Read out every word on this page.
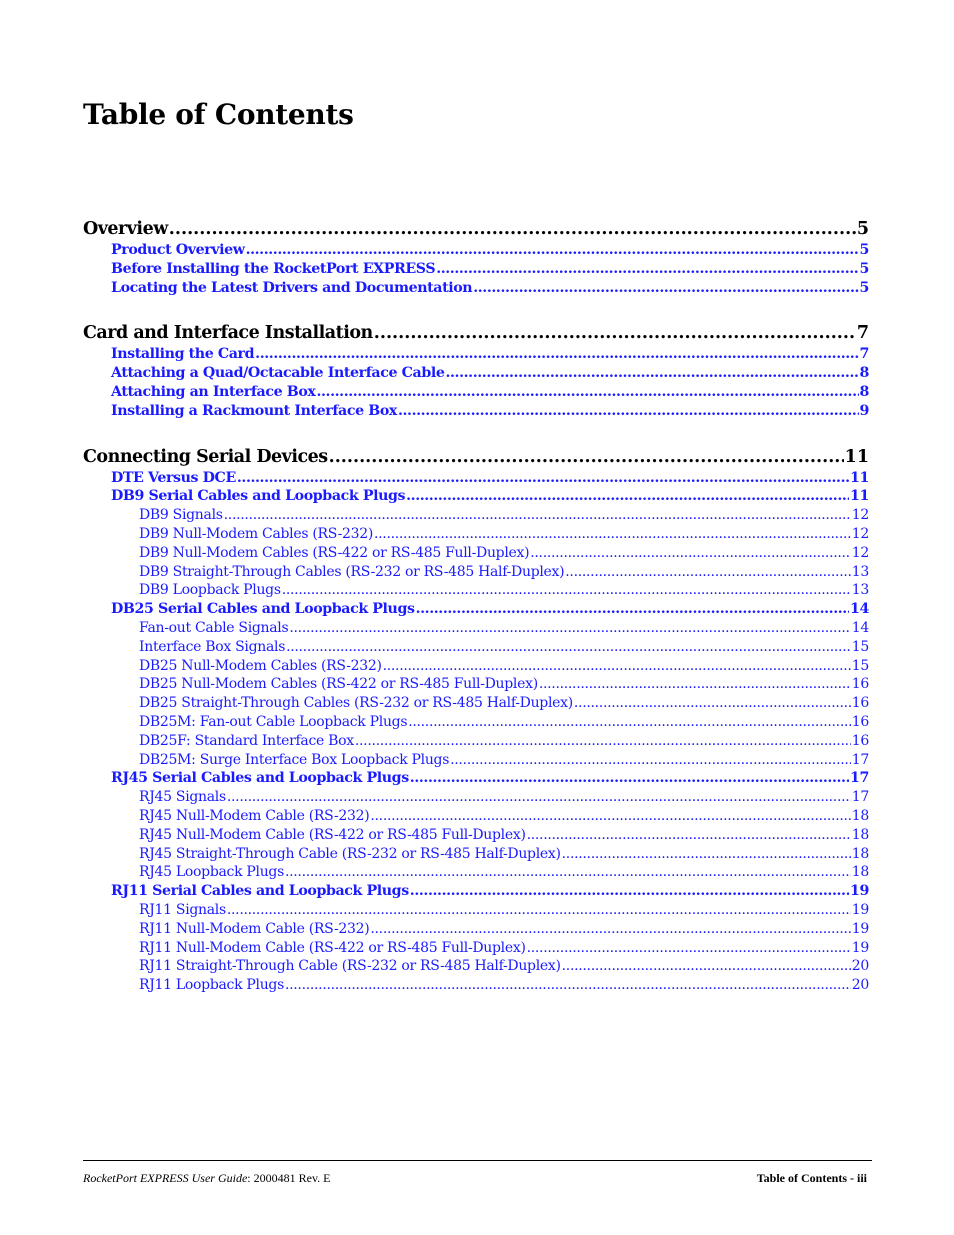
Table of Contents
Overview .....	5
Product Overview .....	5
Before Installing the RocketPort EXPRESS .....	5
Locating the Latest Drivers and Documentation .....	5
Card and Interface Installation .....	7
Installing the Card .....	7
Attaching a Quad/Octacable Interface Cable .....	8
Attaching an Interface Box .....	8
Installing a Rackmount Interface Box .....	9
Connecting Serial Devices .....	11
DTE Versus DCE .....	11
DB9 Serial Cables and Loopback Plugs .....	11
DB9 Signals .....	12
DB9 Null-Modem Cables (RS-232) .....	12
DB9 Null-Modem Cables (RS-422 or RS-485 Full-Duplex) .....	12
DB9 Straight-Through Cables (RS-232 or RS-485 Half-Duplex) .....	13
DB9 Loopback Plugs .....	13
DB25 Serial Cables and Loopback Plugs .....	14
Fan-out Cable Signals .....	14
Interface Box Signals .....	15
DB25 Null-Modem Cables (RS-232) .....	15
DB25 Null-Modem Cables (RS-422 or RS-485 Full-Duplex) .....	16
DB25 Straight-Through Cables (RS-232 or RS-485 Half-Duplex) .....	16
DB25M: Fan-out Cable Loopback Plugs .....	16
DB25F: Standard Interface Box .....	16
DB25M: Surge Interface Box Loopback Plugs .....	17
RJ45 Serial Cables and Loopback Plugs .....	17
RJ45 Signals .....	17
RJ45 Null-Modem Cable (RS-232) .....	18
RJ45 Null-Modem Cable (RS-422 or RS-485 Full-Duplex) .....	18
RJ45 Straight-Through Cable (RS-232 or RS-485 Half-Duplex) .....	18
RJ45 Loopback Plugs .....	18
RJ11 Serial Cables and Loopback Plugs .....	19
RJ11 Signals .....	19
RJ11 Null-Modem Cable (RS-232) .....	19
RJ11 Null-Modem Cable (RS-422 or RS-485 Full-Duplex) .....	19
RJ11 Straight-Through Cable (RS-232 or RS-485 Half-Duplex) .....	20
RJ11 Loopback Plugs .....	20
RocketPort EXPRESS User Guide: 2000481 Rev. E	Table of Contents - iii
